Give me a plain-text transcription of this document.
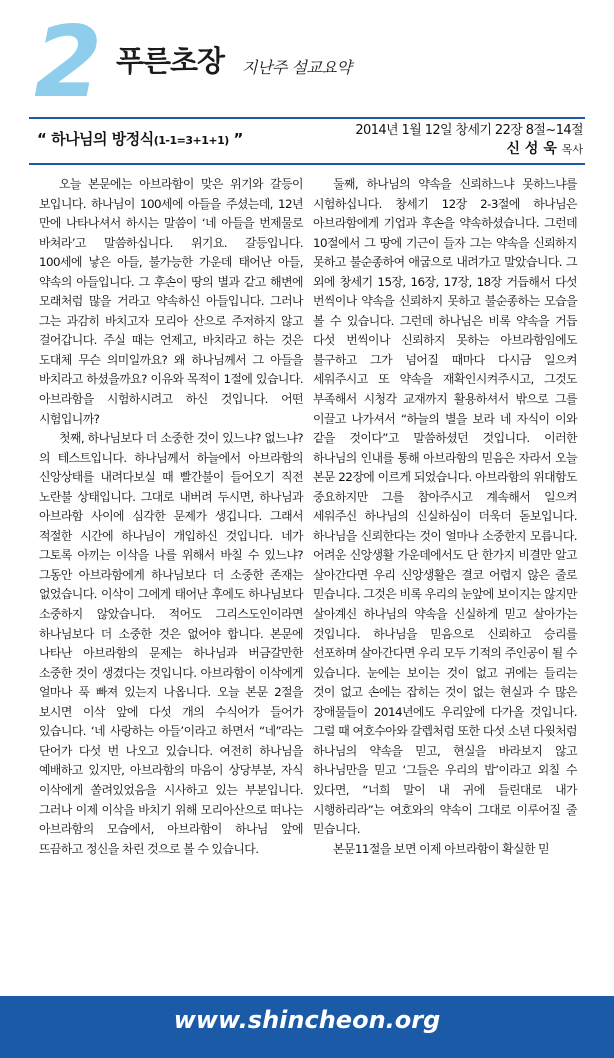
2 푸른초장 지난주 설교요약
“ 하나님의 방정식(1-1=3+1+1) ”	2014년 1월 12일 창세기 22장 8절~14절
신 성 욱 목사

오늘 본문에는 아브라함이 맞은 위기와 갈등이 보입니다. 하나님이 100세에 아들을 주셨는데, 12년 만에 나타나셔서 하시는 말씀이 ‘네 아들을 번제물로 바쳐라’고 말씀하십니다. 위기요. 갈등입니다. 100세에 낳은 아들, 불가능한 가운데 태어난 아들, 약속의 아들입니다. 그 후손이 땅의 별과 같고 해변에 모래처럼 많을 거라고 약속하신 아들입니다. 그러나 그는 과감히 바치고자 모리아 산으로 주저하지 않고 걸어갑니다. 주실 때는 언제고, 바치라고 하는 것은 도대체 무슨 의미일까요? 왜 하나님께서 그 아들을 바치라고 하셨을까요? 이유와 목적이 1절에 있습니다. 아브라함을 시험하시려고 하신 것입니다. 어떤 시험입니까?

첫째, 하나님보다 더 소중한 것이 있느냐? 없느냐?의 테스트입니다. 하나님께서 하늘에서 아브라함의 신앙상태를 내려다보실 때 빨간불이 들어오기 직전 노란불 상태입니다. 그대로 내버려 두시면, 하나님과 아브라함 사이에 심각한 문제가 생깁니다. 그래서 적절한 시간에 하나님이 개입하신 것입니다. 네가 그토록 아끼는 이삭을 나를 위해서 바칠 수 있느냐? 그동안 아브라함에게 하나님보다 더 소중한 존재는 없었습니다. 이삭이 그에게 태어난 후에도 하나님보다 소중하지 않았습니다. 적어도 그리스도인이라면 하나님보다 더 소중한 것은 없어야 합니다. 본문에 나타난 아브라함의 문제는 하나님과 버금갈만한 소중한 것이 생겼다는 것입니다. 아브라함이 이삭에게 얼마나 푹 빠져 있는지 나옵니다. 오늘 본문 2절을 보시면 이삭 앞에 다섯 개의 수식어가 들어가 있습니다. ‘네 사랑하는 아들’이라고 하면서 “네”라는 단어가 다섯 번 나오고 있습니다. 여전히 하나님을 예배하고 있지만, 아브라함의 마음이 상당부분, 자식 이삭에게 쏠려있었음을 시사하고 있는 부분입니다. 그러나 이제 이삭을 바치기 위해 모리아산으로 떠나는 아브라함의 모습에서, 아브라함이 하나님 앞에 뜨끔하고 정신을 차린 것으로 볼 수 있습니다.

둘째, 하나님의 약속을 신뢰하느냐 못하느냐를 시험하십니다. 창세기 12장 2-3절에 하나님은 아브라함에게 기업과 후손을 약속하셨습니다. 그런데 10절에서 그 땅에 기근이 들자 그는 약속을 신뢰하지 못하고 불순종하여 애굽으로 내려가고 말았습니다. 그 외에 창세기 15장, 16장, 17장, 18장 거듭해서 다섯 번씩이나 약속을 신뢰하지 못하고 불순종하는 모습을 볼 수 있습니다. 그런데 하나님은 비록 약속을 거듭 다섯 번씩이나 신뢰하지 못하는 아브라함임에도 불구하고 그가 넘어질 때마다 다시금 일으켜 세워주시고 또 약속을 재확인시켜주시고, 그것도 부족해서 시청각 교재까지 활용하셔서 밖으로 그를 이끌고 나가셔서 “하늘의 별을 보라 네 자식이 이와 같을 것이다”고 말씀하셨던 것입니다. 이러한 하나님의 인내를 통해 아브라함의 믿음은 자라서 오늘 본문 22장에 이르게 되었습니다. 아브라함의 위대함도 중요하지만 그를 참아주시고 계속해서 일으켜 세워주신 하나님의 신실하심이 더욱더 돋보입니다. 하나님을 신뢰한다는 것이 얼마나 소중한지 모릅니다. 어려운 신앙생활 가운데에서도 단 한가지 비결만 알고 살아간다면 우리 신앙생활은 결코 어렵지 않은 줄로 믿습니다. 그것은 비록 우리의 눈앞에 보이지는 않지만 살아계신 하나님의 약속을 신실하게 믿고 살아가는 것입니다. 하나님을 믿음으로 신뢰하고 승리를 선포하며 살아간다면 우리 모두 기적의 주인공이 될 수 있습니다. 눈에는 보이는 것이 없고 귀에는 들리는 것이 없고 손에는 잡히는 것이 없는 현실과 수 많은 장애물들이 2014년에도 우리앞에 다가올 것입니다. 그럴 때 여호수아와 갈렙처럼 또한 다섯 소년 다윗처럼 하나님의 약속을 믿고, 현실을 바라보지 않고 하나님만을 믿고 ‘그들은 우리의 밥’이라고 외칠 수 있다면, “너희 말이 내 귀에 들린대로 내가 시행하리라”는 여호와의 약속이 그대로 이루어질 줄 믿습니다.

본문11절을 보면 이제 아브라함이 확실한 믿

www.shincheon.org
